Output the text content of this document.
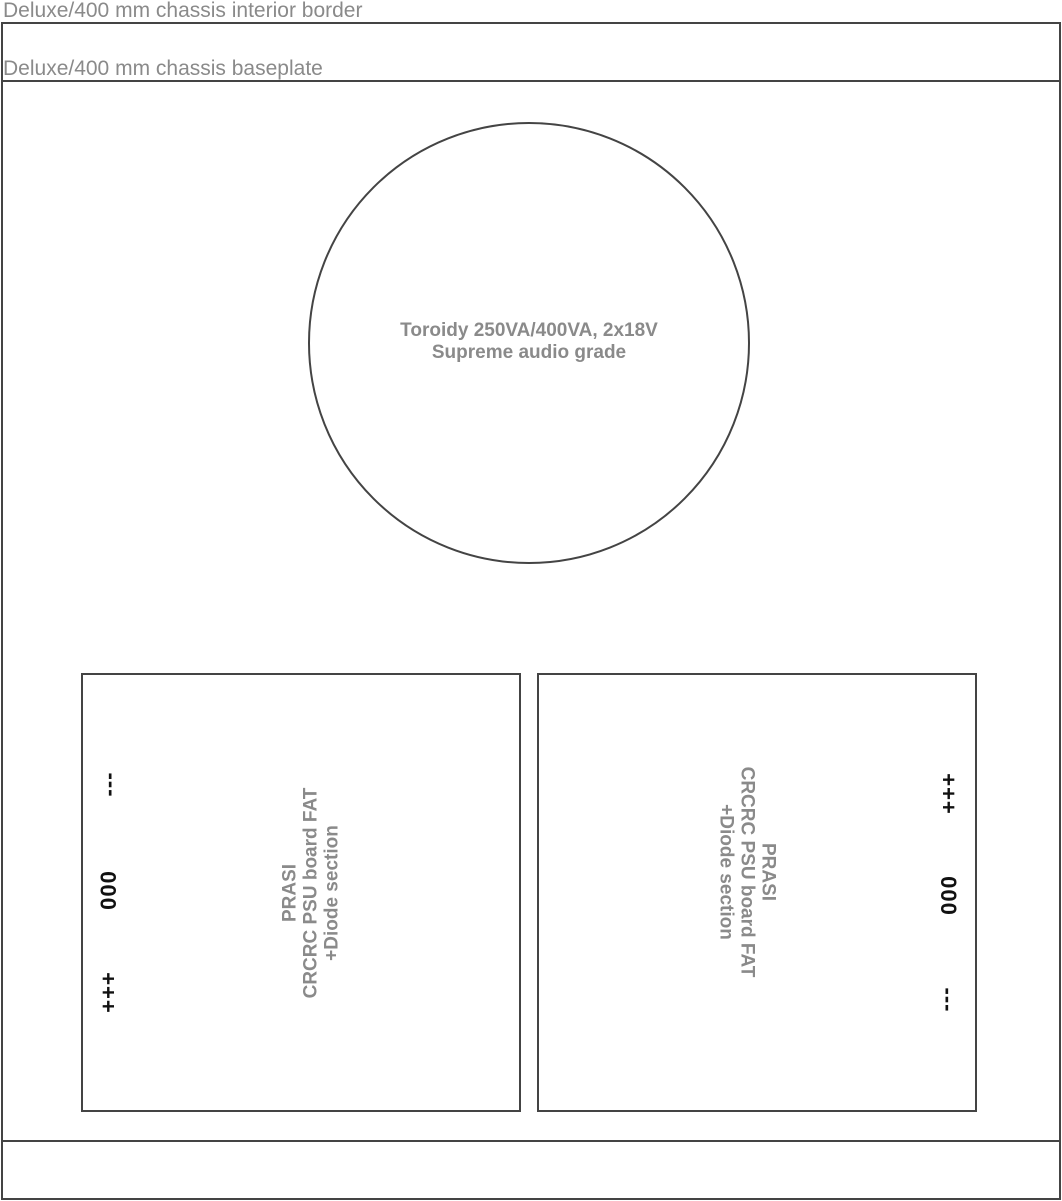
Deluxe/400 mm chassis interior border
Deluxe/400 mm chassis baseplate
Toroidy 250VA/400VA, 2x18V
Supreme audio grade
PRASI CRCRC PSU board FAT +Diode section
---
000
+++
PRASI
CRCRC PSU board FAT
+Diode section
+++
000
---
